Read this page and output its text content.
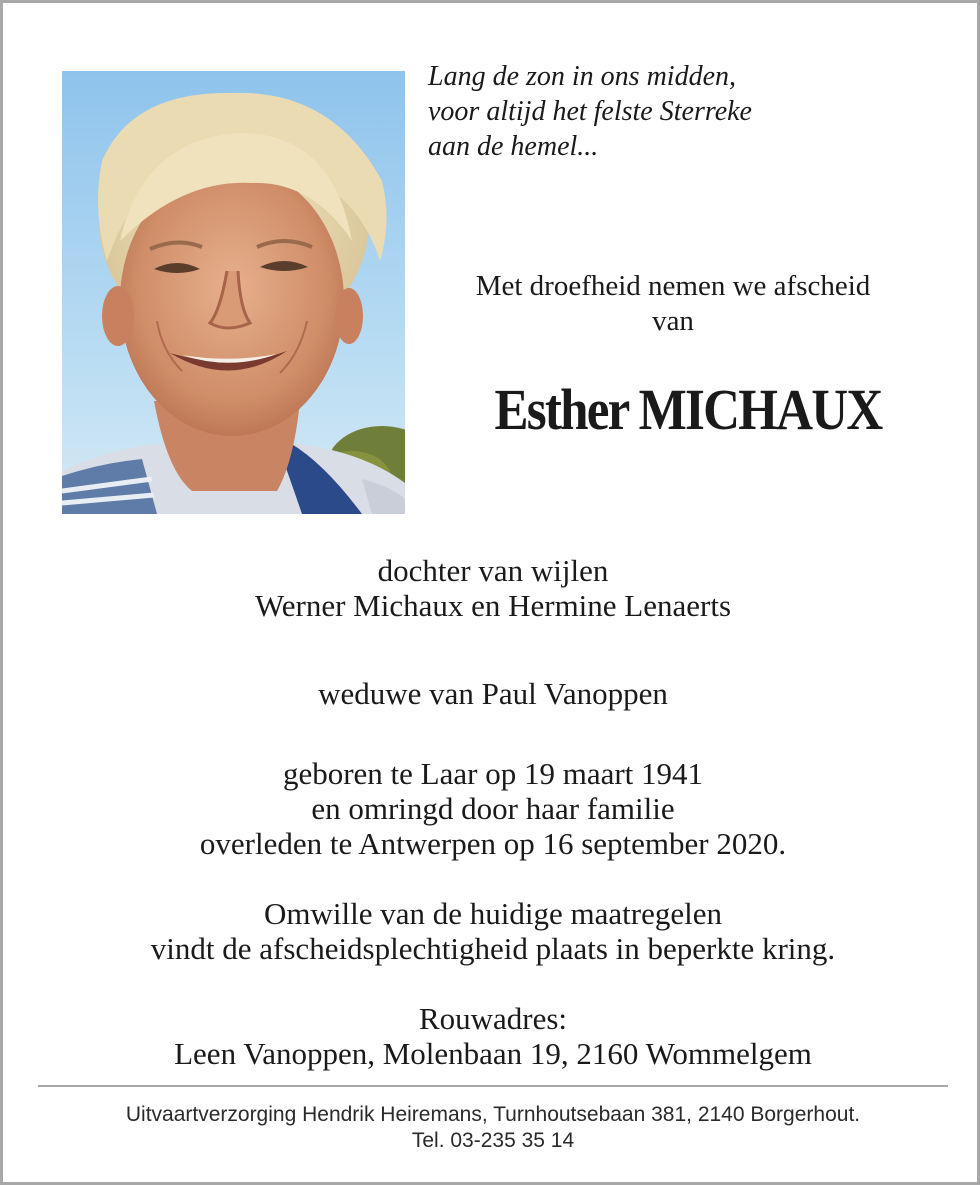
Lang de zon in ons midden,
voor altijd het felste Sterreke
aan de hemel...
Met droefheid nemen we afscheid
van
Esther MICHAUX
dochter van wijlen
Werner Michaux en Hermine Lenaerts
weduwe van Paul Vanoppen
geboren te Laar op 19 maart 1941
en omringd door haar familie
overleden te Antwerpen op 16 september 2020.
Omwille van de huidige maatregelen
vindt de afscheidsplechtigheid plaats in beperkte kring.
Rouwadres:
Leen Vanoppen, Molenbaan 19, 2160 Wommelgem
Uitvaartverzorging Hendrik Heiremans, Turnhoutsebaan 381, 2140 Borgerhout.
Tel. 03-235 35 14
